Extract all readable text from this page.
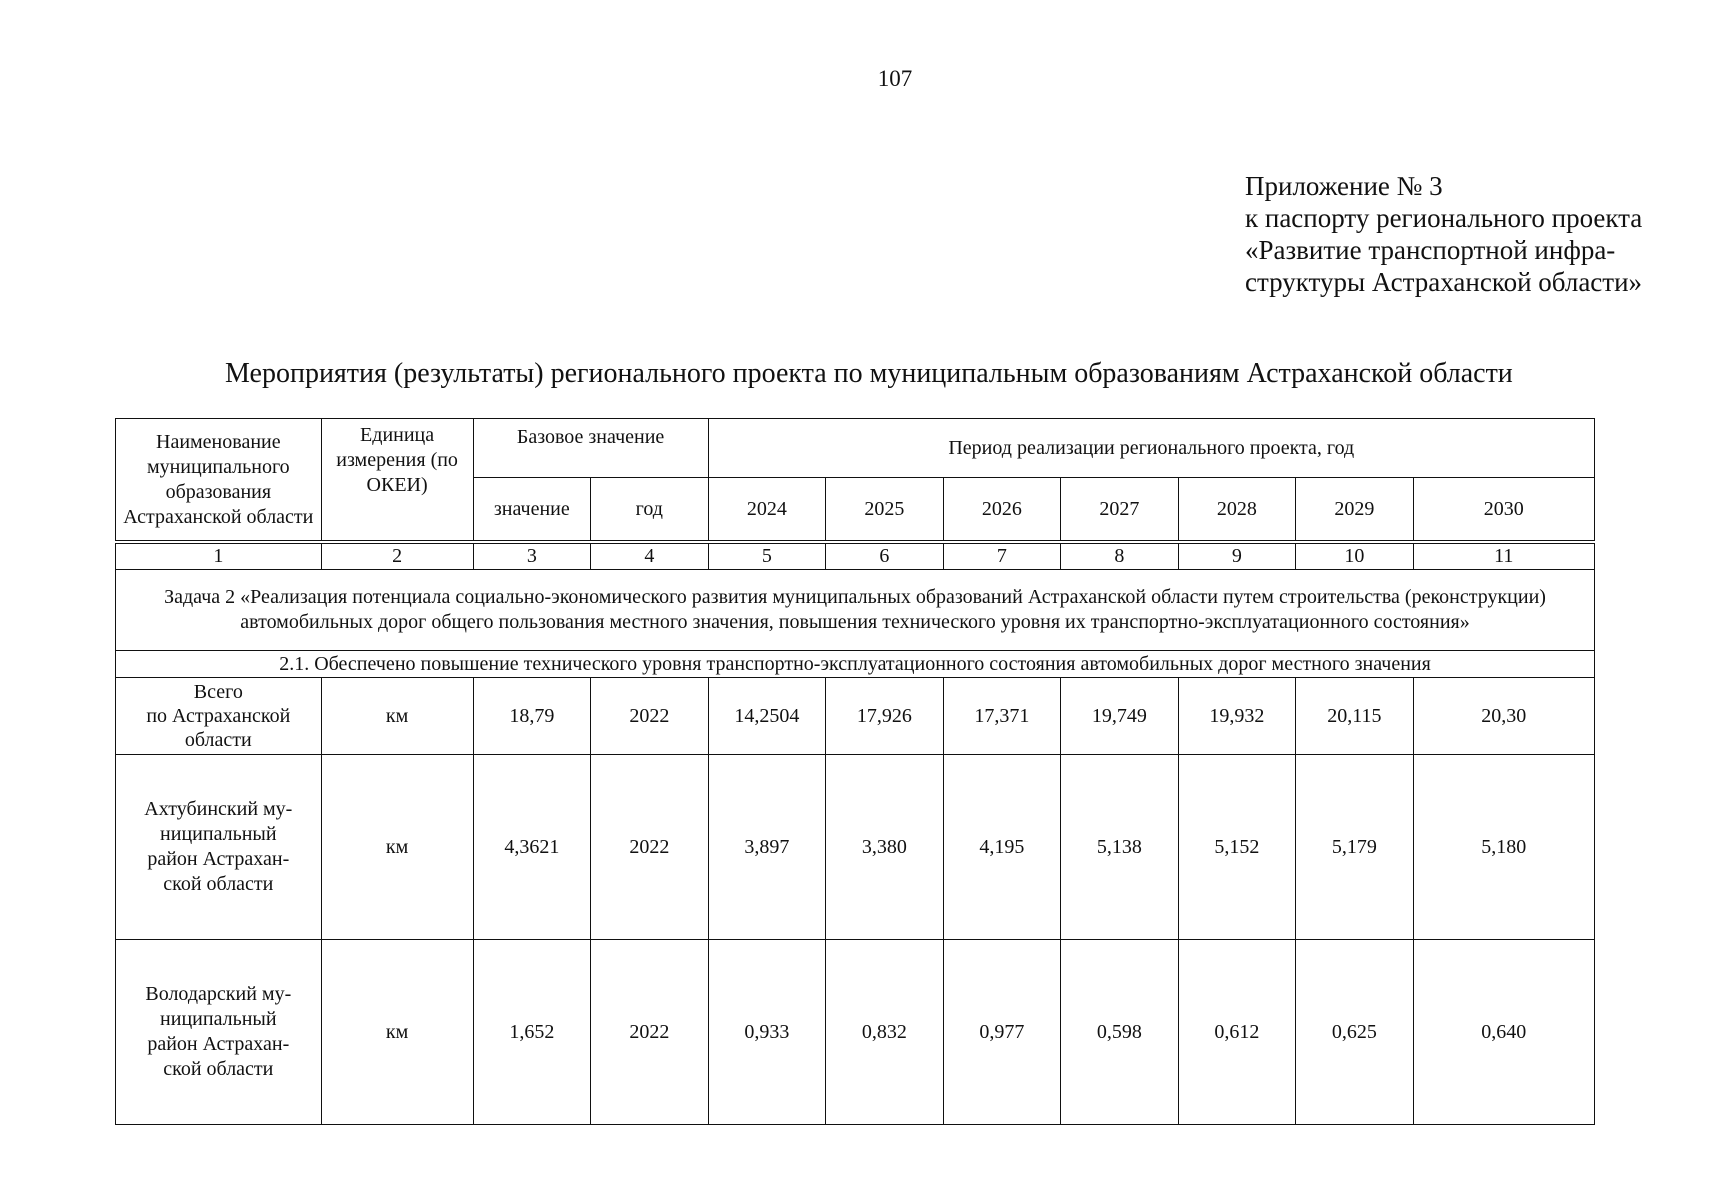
107
Приложение № 3
к паспорту регионального проекта
«Развитие транспортной инфра-
структуры Астраханской области»
Мероприятия (результаты) регионального проекта по муниципальным образованиям Астраханской области
Наименование муниципального образования Астраханской области	Единица измерения (по ОКЕИ)	Базовое значение		Период реализации регионального проекта, год						
		значение	год	2024	2025	2026	2027	2028	2029	2030
1	2	3	4	5	6	7	8	9	10	11
Задача 2 «Реализация потенциала социально-экономического развития муниципальных образований Астраханской области путем строительства (реконструкции) автомобильных дорог общего пользования местного значения, повышения технического уровня их транспортно-эксплуатационного состояния»										
2.1. Обеспечено повышение технического уровня транспортно-эксплуатационного состояния автомобильных дорог местного значения										

Всего
по Астраханской
области	км	18,79	2022	14,2504	17,926	17,371	19,749	19,932	20,115	20,30

Ахтубинский му-
ниципальный
район Астрахан-
ской области	км	4,3621	2022	3,897	3,380	4,195	5,138	5,152	5,179	5,180

Володарский му-
ниципальный
район Астрахан-
ской области	км	1,652	2022	0,933	0,832	0,977	0,598	0,612	0,625	0,640
